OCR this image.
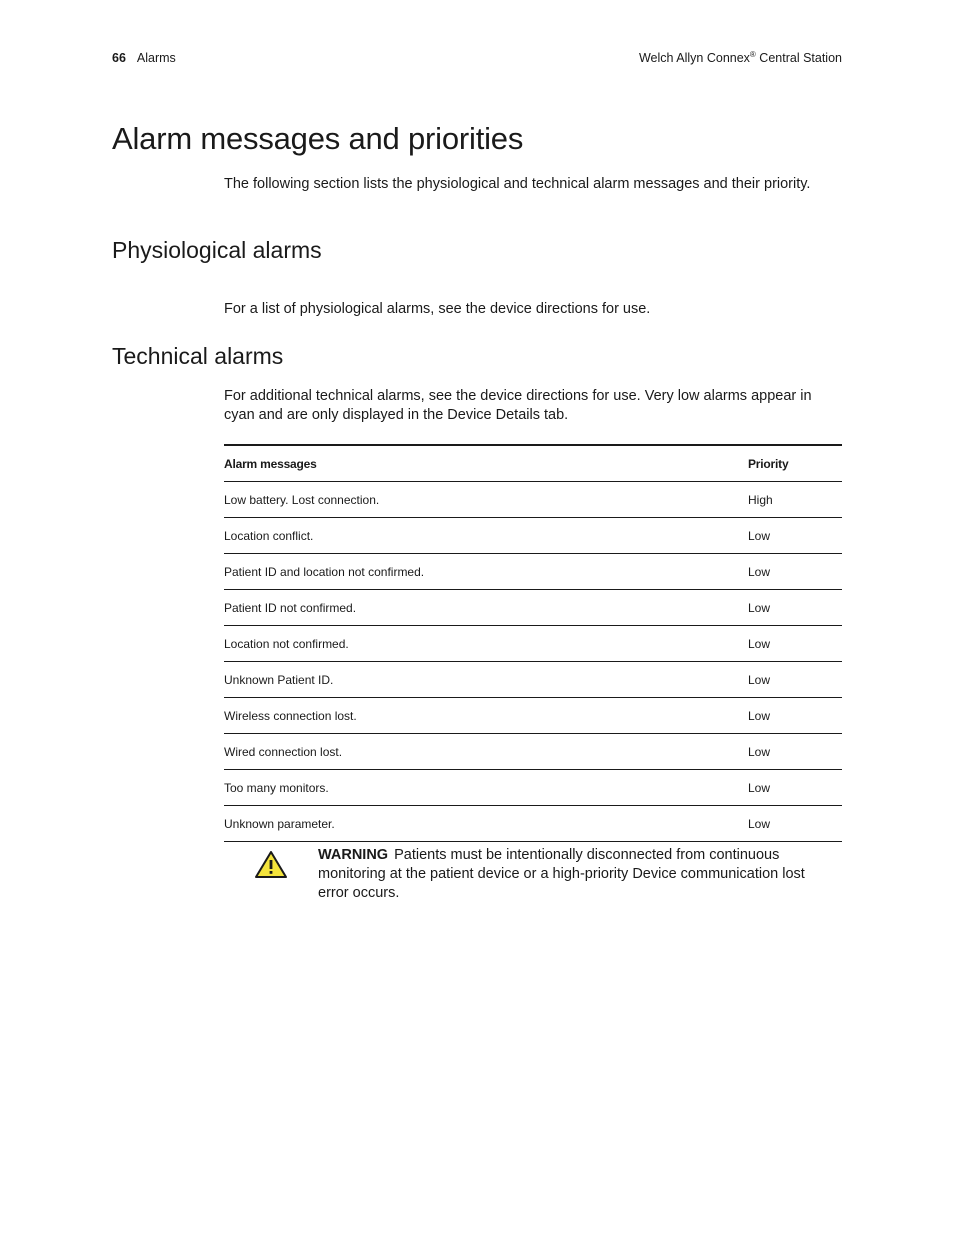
66 Alarms	Welch Allyn Connex® Central Station
Alarm messages and priorities

The following section lists the physiological and technical alarm messages and their priority.

Physiological alarms

For a list of physiological alarms, see the device directions for use.

Technical alarms

For additional technical alarms, see the device directions for use. Very low alarms appear in cyan and are only displayed in the Device Details tab.

Alarm messages	Priority
Low battery. Lost connection.	High
Location conflict.	Low
Patient ID and location not confirmed.	Low
Patient ID not confirmed.	Low
Location not confirmed.	Low
Unknown Patient ID.	Low
Wireless connection lost.	Low
Wired connection lost.	Low
Too many monitors.	Low
Unknown parameter.	Low
WARNING Patients must be intentionally disconnected from continuous monitoring at the patient device or a high-priority Device communication lost error occurs.
